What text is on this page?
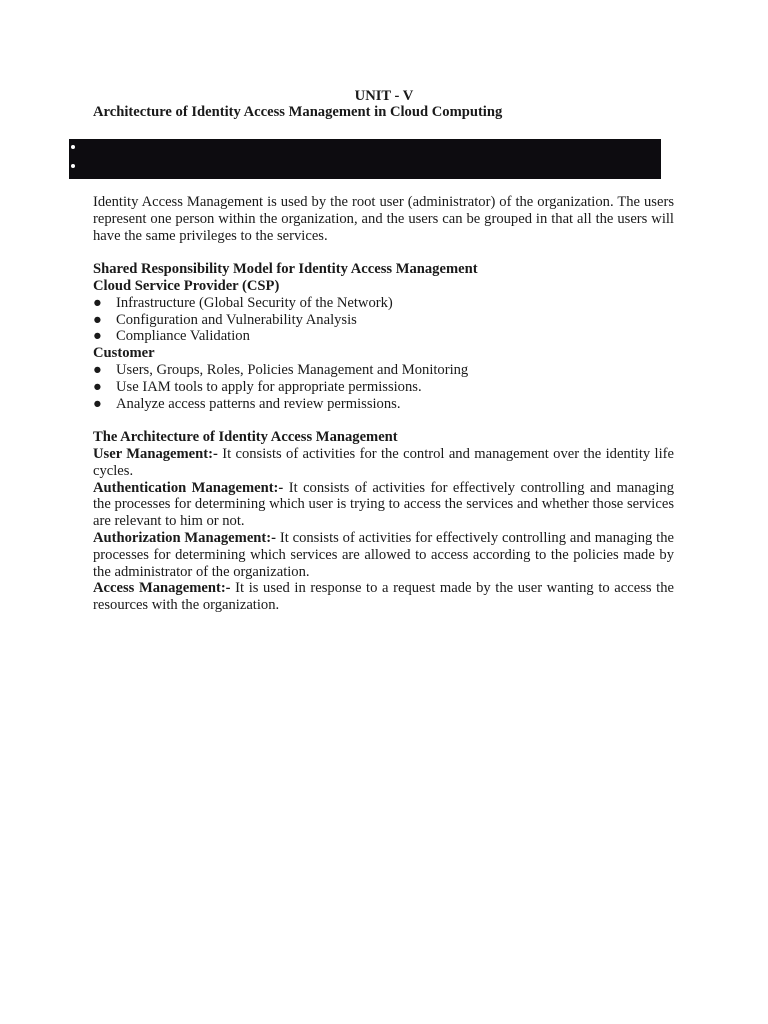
UNIT - V
Architecture of Identity Access Management in Cloud Computing

Identity Access Management is used by the root user (administrator) of the organization. The users represent one person within the organization, and the users can be grouped in that all the users will have the same privileges to the services.

Shared Responsibility Model for Identity Access Management

Cloud Service Provider (CSP)

● Infrastructure (Global Security of the Network)
● Configuration and Vulnerability Analysis
● Compliance Validation

Customer

● Users, Groups, Roles, Policies Management and Monitoring
● Use IAM tools to apply for appropriate permissions.
● Analyze access patterns and review permissions.

The Architecture of Identity Access Management

User Management:- It consists of activities for the control and management over the identity life cycles.

Authentication Management:- It consists of activities for effectively controlling and managing the processes for determining which user is trying to access the services and whether those services are relevant to him or not.

Authorization Management:- It consists of activities for effectively controlling and managing the processes for determining which services are allowed to access according to the policies made by the administrator of the organization.

Access Management:- It is used in response to a request made by the user wanting to access the resources with the organization.
